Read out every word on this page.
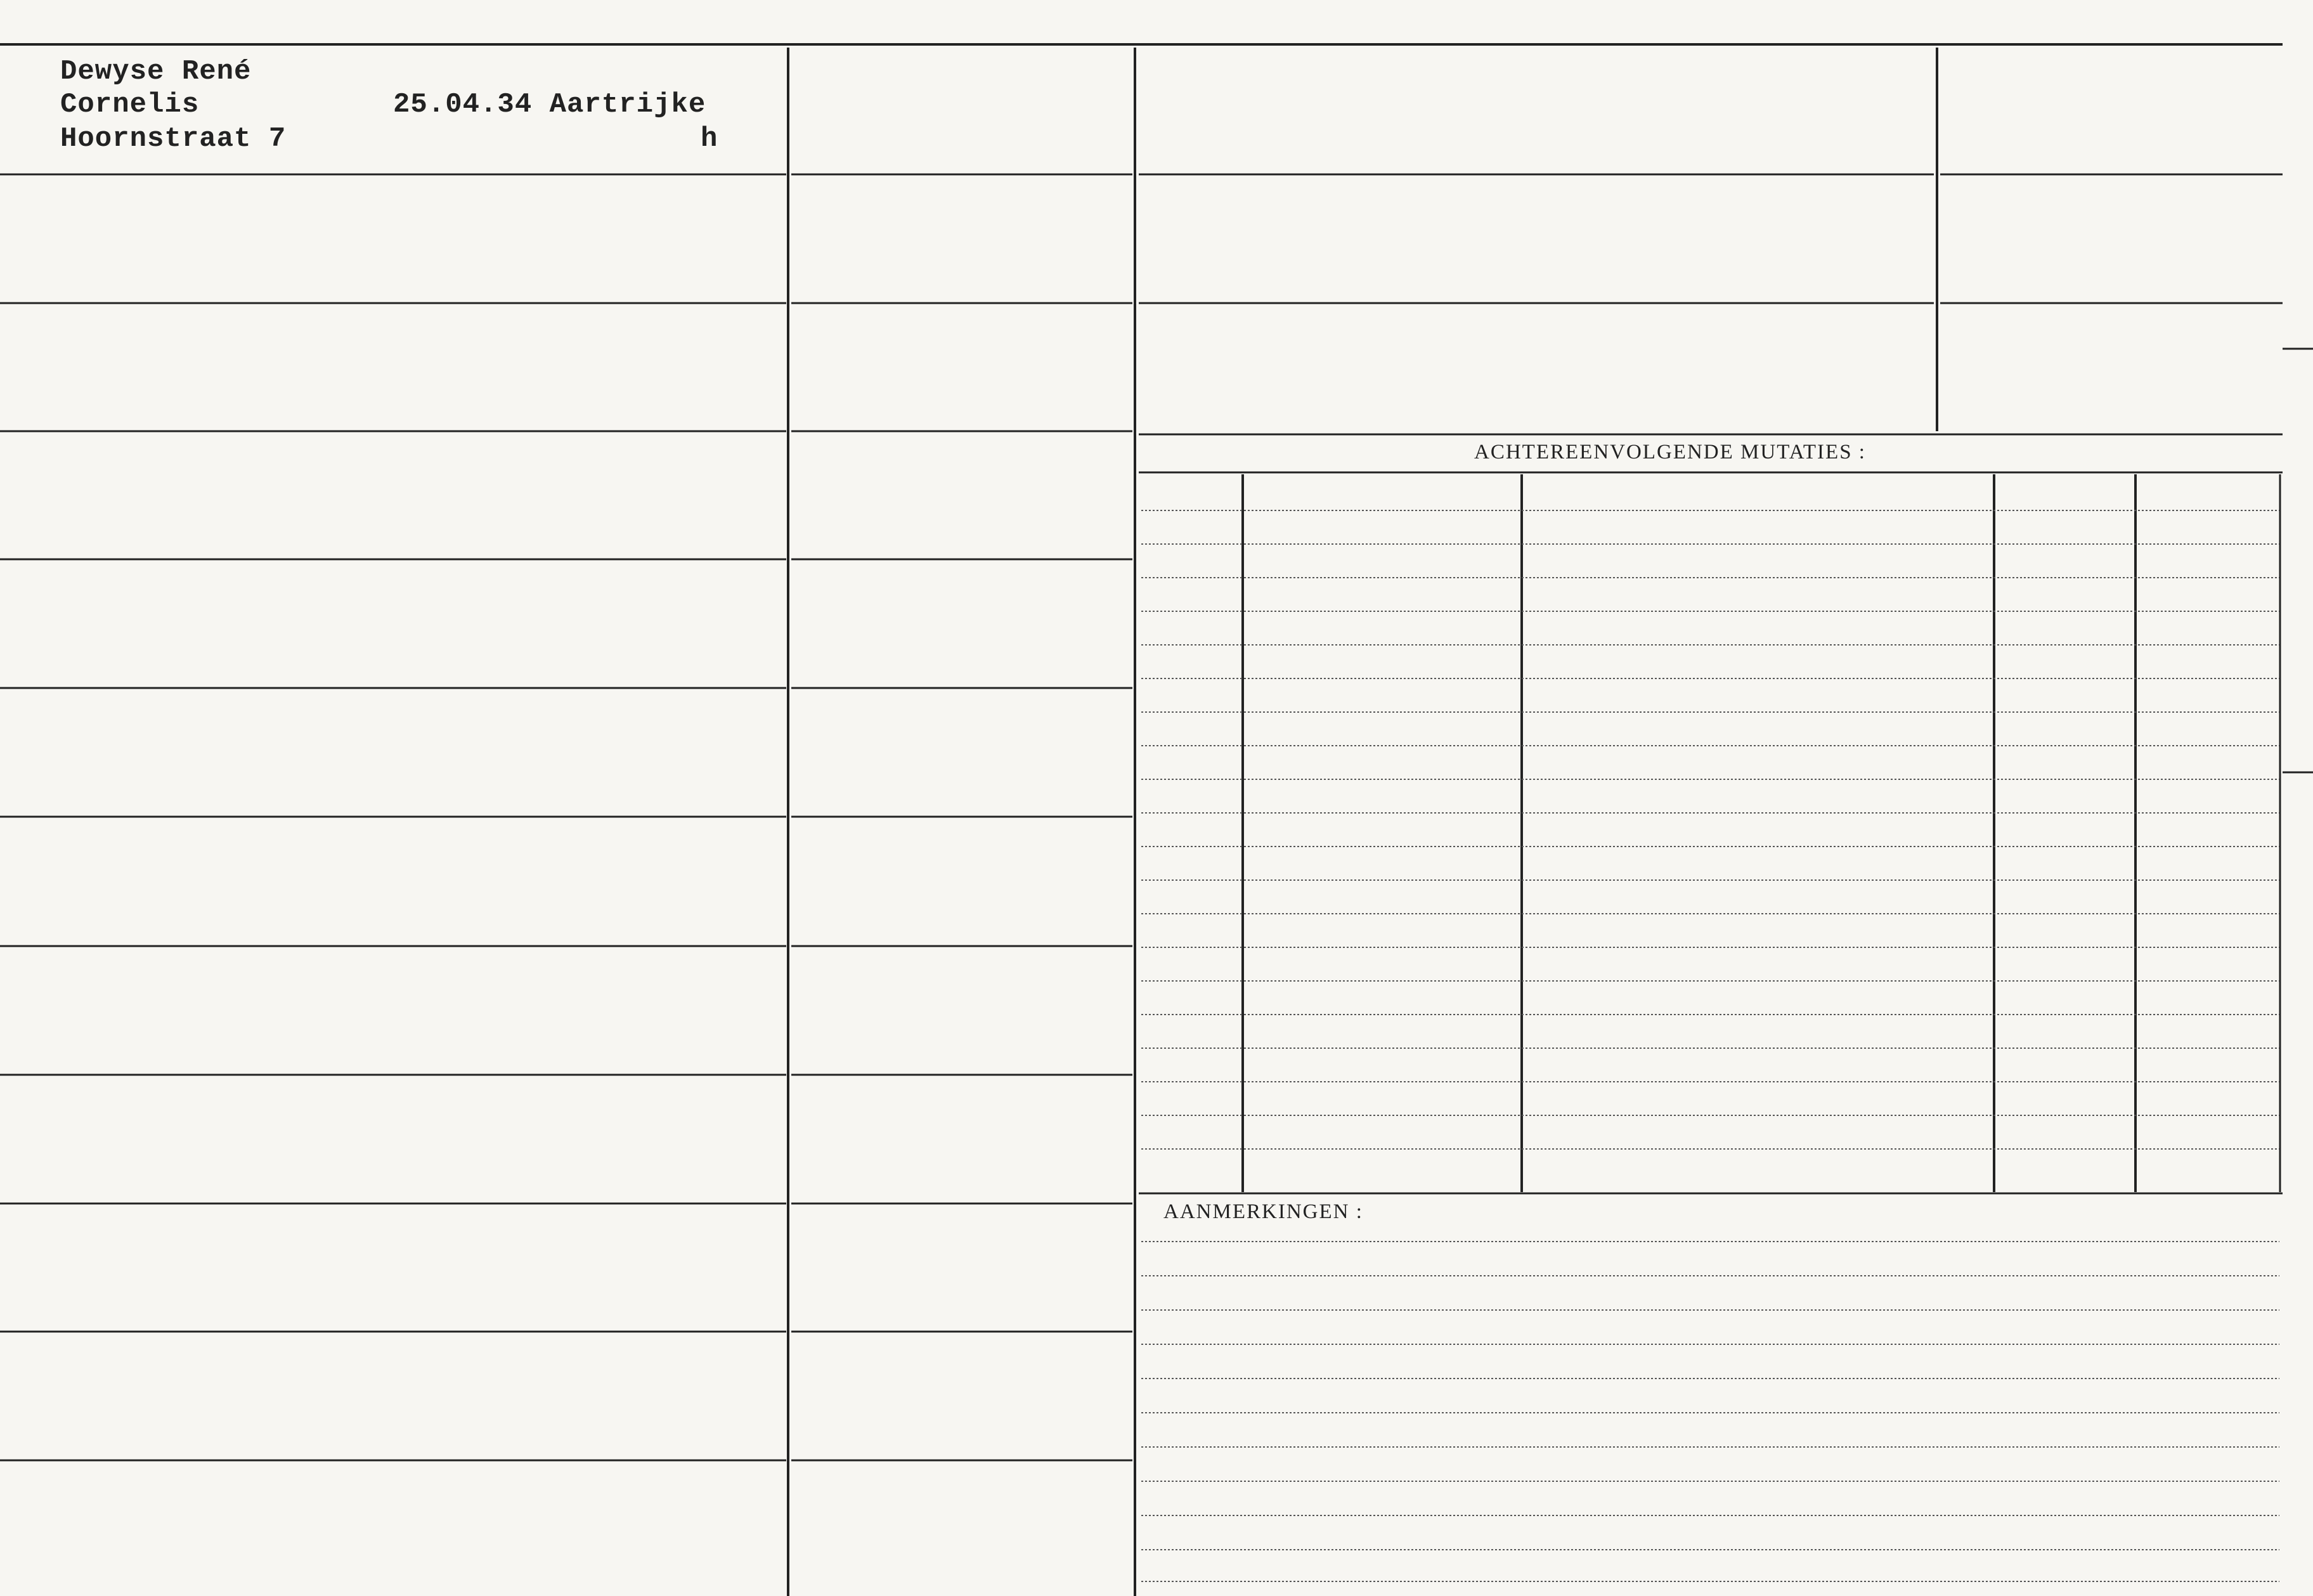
Dewyse René
Cornelis	25.04.34 Aartrijke
Hoornstraat 7	h
ACHTEREENVOLGENDE MUTATIES :
AANMERKINGEN :
